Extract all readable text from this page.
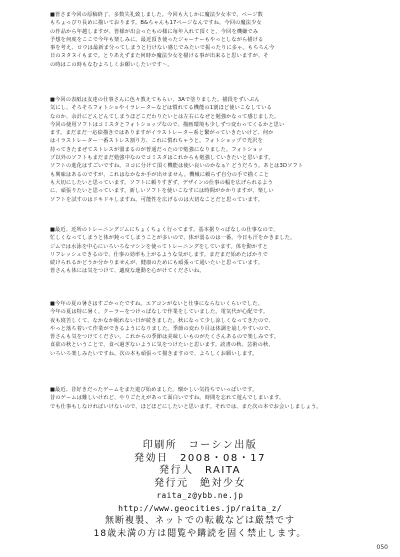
■皆さま今回の原稿終了、多数失礼致しました。今回も大しかに魔法少女本で、ページ数
もちょっぴり長めに描いております。B&ちゃんも17ページなんですね。今回の魔法少女
の作品から年越しますが、皆様が出会ったもの様に毎年入れて頂くと、今回を機嫌でみ
予想を何度をここで今年も楽しみに。最近頂き使ったジャーナーもやっとしながら描ける
事を考え、ロウは最新ま分ってしまうと行けない感じでみたいで振ったりに多ゃ。もちろん今
日のヌタヌイもまで。とりあえずまた何時か魔法少女を描ける事が出来ると思いますが、そ
の時はこの時もなむよろしくお願いしたいです～。
■今回の表紙は友達の仕事さんに色々教えてもらい、3Aで塗りました。描段をずいぶん
気にし、そろそろフォトショやイラレーターなどは慣れてる機能の1割ほど使いこなしている
なのか、余計にどんどんてしまうほどこだわりたいとは左右になぜと勉強かなって感じました。
今回の使用ソフトはコミスタとフォトショップなので、描画環境も少しずつ変わってくるかと思い
ます。まだまだ一応絵描きではありますがイラストレーター系と繋がっていきたいけど、何か
はイラストレーター一番ストレス割り方、これに慣れちゃうと。フォトショップで光沢を
持ってきたまぜてストレスが溜まるのが普通だったので勉強になりました。フォトショッ
プ以外のソフトもまだまだ勉強中なのでコミスタはこれからも勉強していきたいと思います。
ソフトの進化はすごいですね。ヨコに分けて頂く機能は使い良いのかなぁ？どうだろう。あとは3Dソフト
も興味はあるのですが、これはなかなか手が出せません。機械に頼らず自分の手で描くこと
も大切にしたいと思っています。ソフトに頼りすぎず、デザインの仕事の幅を広げられるよう
に、頑張りたいと思っています。新しいソフトを使いこなすには時間がかかりますが、楽しい
ソフトを試すのはドキドキしますね。可能性を広げるのは大切なことだと思っています。
■最近、近所のトレーニングジムにちょくちょく行ってます。基本据りっぱなしの仕事なので、
忙しくなってしまうと体が鈍ってしまうことが多いので、体が弱るのは一番。今日も汗をかきました。
ジムでは水泳を中心にいろいろなマシンを使ってトレーニングをしています。体を動かすと
リフレッシュできるので、仕事の効率も上がるような気がします。まだまだ始めたばかりで
続けられるかどうか分かりませんが、健康のためにも頑張って通いたいと思っています。
皆さんも体には気をつけて、適度な運動を心がけてくださいね。
■今年の夏の暑さはすごかったですね。エアコンがないと仕事にならないくらいでした。
今年の夏は特に暑く、クーラーをつけっぱなしで作業をしていました。電気代が心配です。
夜も寝苦しくて、なかなか眠れない日が続きました。秋になって少し涼しくなってきたので、
やっと落ち着いて作業ができるようになりました。季節の変わり目は体調を崩しやすいので、
皆さんも気をつけてください。これからの季節は美味しいものがたくさんあるので楽しみです。
食欲の秋ということで、食べ過ぎないように気をつけたいと思います。読書の秋、芸術の秋、
いろいろ楽しみたいですね。次の本も頑張って描きますので、よろしくお願いします。
■最近、昔好きだったゲームをまた遊び始めました。懐かしい気持ちでいっぱいです。
昔のゲームは難しいけれど、やりごたえがあって面白いですね。時間を忘れて遊んでしまいます。
でも仕事もしなければいけないので、ほどほどにしたいと思います。それでは、また次の本でお会いしましょう。
印刷所　コーシン出版
発効日　2008・08・17
発行人　RAITA
発行元　絶対少女
raita_z@ybb.ne.jp
http://www.geocities.jp/raita_z/
無断複製、ネットでの転載などは厳禁です
18歳未満の方は閲覧や購読を固く禁止します。
050
